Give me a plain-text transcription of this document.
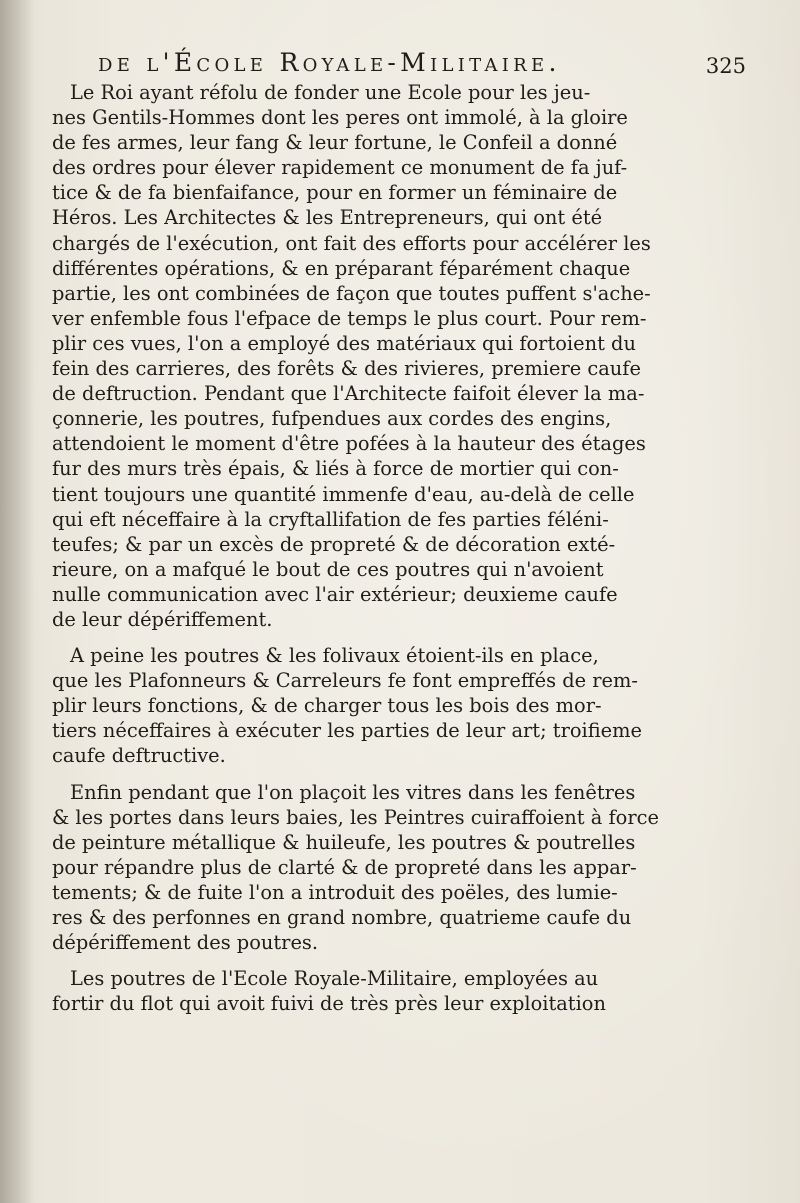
de l'École Royale-Militaire.	325
Le Roi ayant réfolu de fonder une Ecole pour les jeu-
nes Gentils-Hommes dont les peres ont immolé, à la gloire
de fes armes, leur fang & leur fortune, le Confeil a donné
des ordres pour élever rapidement ce monument de fa juf-
tice & de fa bienfaifance, pour en former un féminaire de
Héros. Les Architectes & les Entrepreneurs, qui ont été
chargés de l'exécution, ont fait des efforts pour accélérer les
différentes opérations, & en préparant féparément chaque
partie, les ont combinées de façon que toutes puffent s'ache-
ver enfemble fous l'efpace de temps le plus court. Pour rem-
plir ces vues, l'on a employé des matériaux qui fortoient du
fein des carrieres, des forêts & des rivieres, premiere caufe
de deftruction. Pendant que l'Architecte faifoit élever la ma-
çonnerie, les poutres, fufpendues aux cordes des engins,
attendoient le moment d'être pofées à la hauteur des étages
fur des murs très épais, & liés à force de mortier qui con-
tient toujours une quantité immenfe d'eau, au-delà de celle
qui eft néceffaire à la cryftallifation de fes parties féléni-
teufes; & par un excès de propreté & de décoration exté-
rieure, on a mafqué le bout de ces poutres qui n'avoient
nulle communication avec l'air extérieur; deuxieme caufe
de leur dépériffement.
A peine les poutres & les folivaux étoient-ils en place,
que les Plafonneurs & Carreleurs fe font empreffés de rem-
plir leurs fonctions, & de charger tous les bois des mor-
tiers néceffaires à exécuter les parties de leur art; troifieme
caufe deftructive.
Enfin pendant que l'on plaçoit les vitres dans les fenêtres
& les portes dans leurs baies, les Peintres cuiraffoient à force
de peinture métallique & huileufe, les poutres & poutrelles
pour répandre plus de clarté & de propreté dans les appar-
tements; & de fuite l'on a introduit des poëles, des lumie-
res & des perfonnes en grand nombre, quatrieme caufe du
dépériffement des poutres.
Les poutres de l'Ecole Royale-Militaire, employées au
fortir du flot qui avoit fuivi de très près leur exploitation
